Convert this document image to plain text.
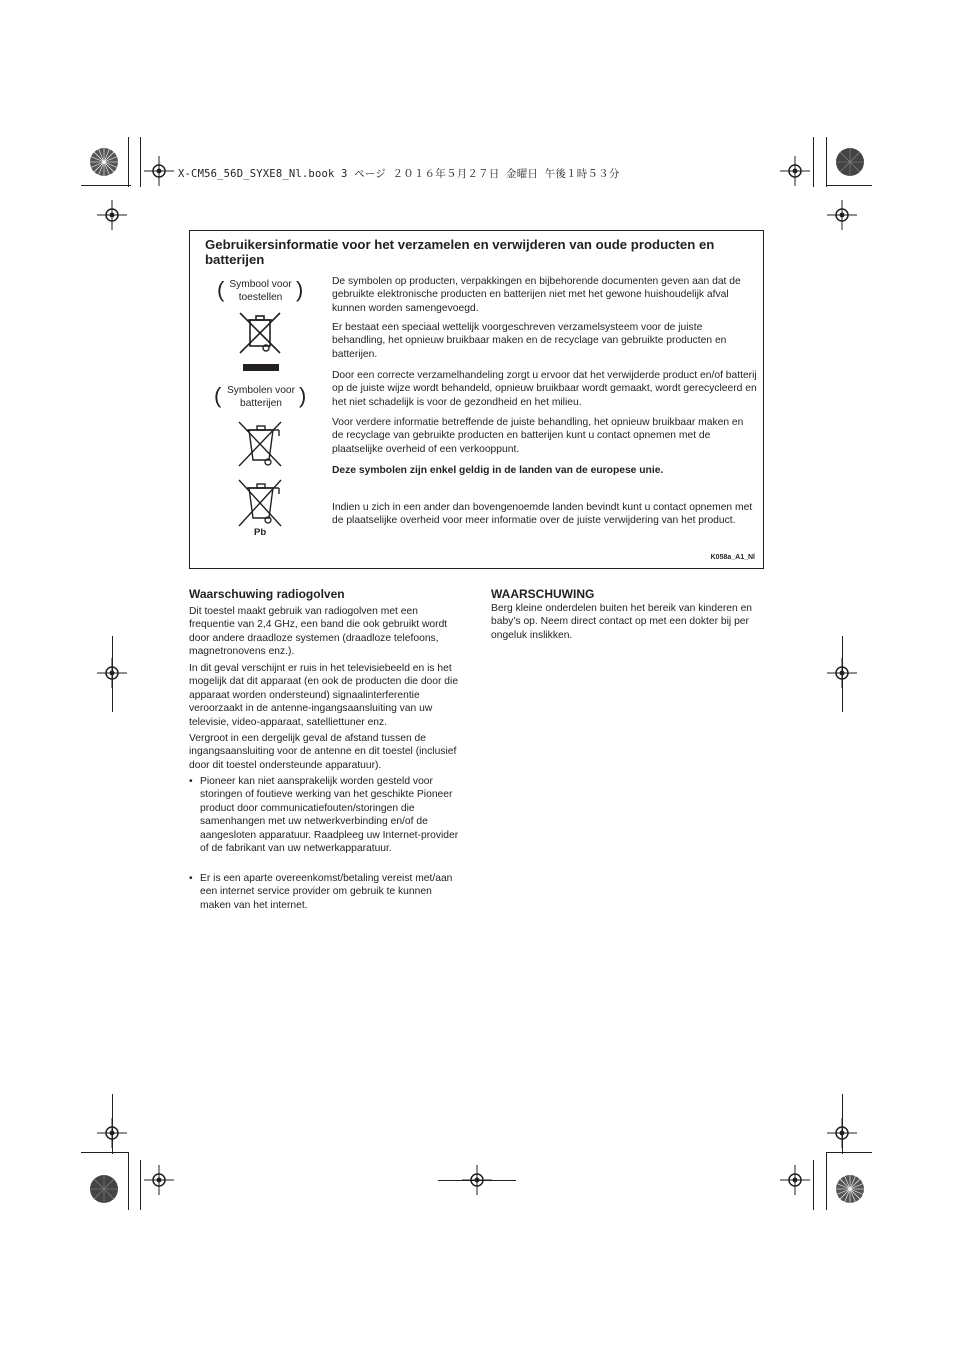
X-CM56_56D_SYXE8_Nl.book 3 ページ ２０１６年５月２７日 金曜日 午後１時５３分
Gebruikersinformatie voor het verzamelen en verwijderen van oude producten en batterijen
( Symbool voor toestellen )
( Symbolen voor batterijen )
Pb
De symbolen op producten, verpakkingen en bijbehorende documenten geven aan dat de gebruikte elektronische producten en batterijen niet met het gewone huishoudelijk afval kunnen worden samengevoegd.
Er bestaat een speciaal wettelijk voorgeschreven verzamelsysteem voor de juiste behandling, het opnieuw bruikbaar maken en de recyclage van gebruikte producten en batterijen.
Door een correcte verzamelhandeling zorgt u ervoor dat het verwijderde product en/of batterij op de juiste wijze wordt behandeld, opnieuw bruikbaar wordt gemaakt, wordt gerecycleerd en het niet schadelijk is voor de gezondheid en het milieu.
Voor verdere informatie betreffende de juiste behandling, het opnieuw bruikbaar maken en de recyclage van gebruikte producten en batterijen kunt u contact opnemen met de plaatselijke overheid of een verkooppunt.
Deze symbolen zijn enkel geldig in de landen van de europese unie.
Indien u zich in een ander dan bovengenoemde landen bevindt kunt u contact opnemen met de plaatselijke overheid voor meer informatie over de juiste verwijdering van het product.
K058a_A1_Nl
Waarschuwing radiogolven
Dit toestel maakt gebruik van radiogolven met een frequentie van 2,4 GHz, een band die ook gebruikt wordt door andere draadloze systemen (draadloze telefoons, magnetronovens enz.).
In dit geval verschijnt er ruis in het televisiebeeld en is het mogelijk dat dit apparaat (en ook de producten die door die apparaat worden ondersteund) signaalinterferentie veroorzaakt in de antenne-ingangsaansluiting van uw televisie, video-apparaat, satelliettuner enz.
Vergroot in een dergelijk geval de afstand tussen de ingangsaansluiting voor de antenne en dit toestel (inclusief door dit toestel ondersteunde apparatuur).
• Pioneer kan niet aansprakelijk worden gesteld voor storingen of foutieve werking van het geschikte Pioneer product door communicatiefouten/storingen die samenhangen met uw netwerkverbinding en/of de aangesloten apparatuur. Raadpleeg uw Internet-provider of de fabrikant van uw netwerkapparatuur.
• Er is een aparte overeenkomst/betaling vereist met/aan een internet service provider om gebruik te kunnen maken van het internet.
WAARSCHUWING
Berg kleine onderdelen buiten het bereik van kinderen en baby’s op. Neem direct contact op met een dokter bij per ongeluk inslikken.
